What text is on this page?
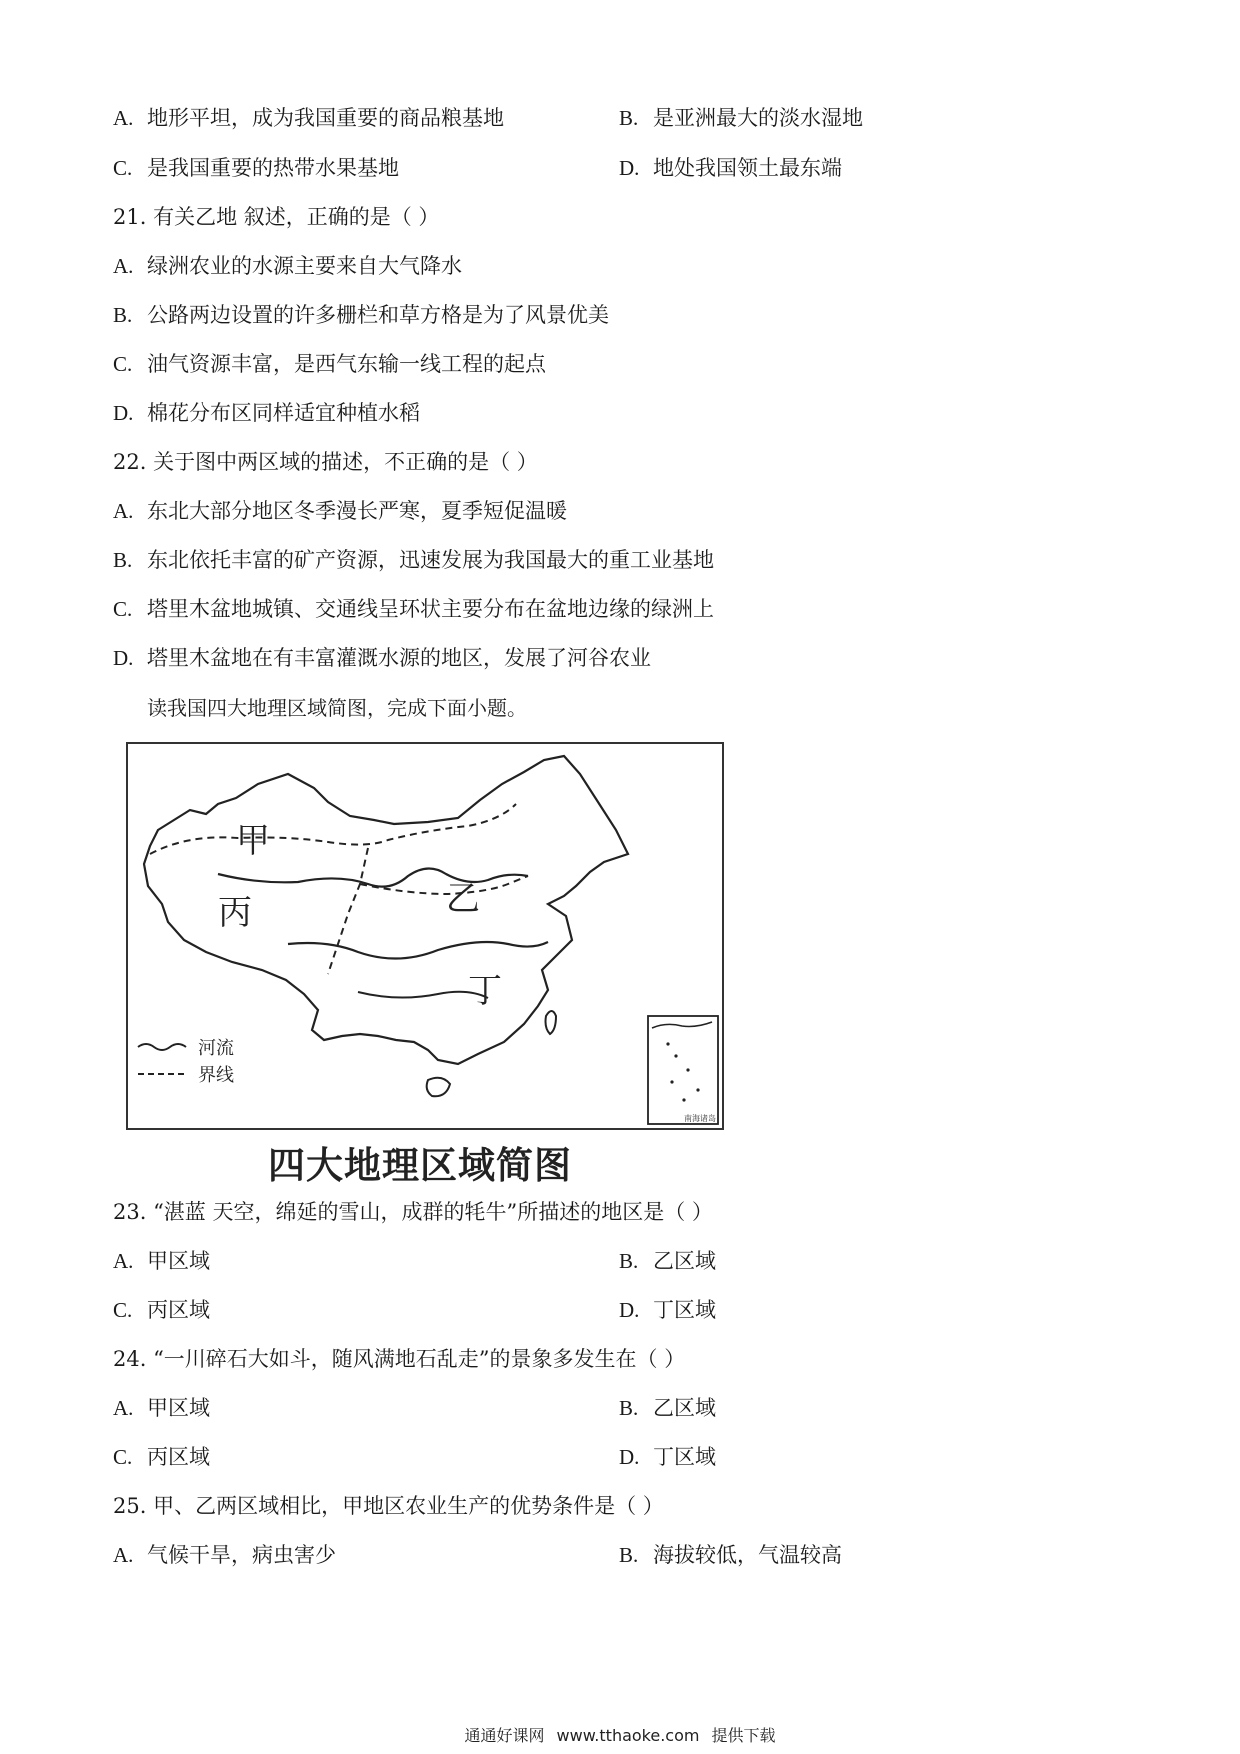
A. 地形平坦，成为我国重要的商品粮基地	B. 是亚洲最大的淡水湿地
C. 是我国重要的热带水果基地	D. 地处我国领土最东端
21. 有关乙地 叙述，正确的是（ ）
A. 绿洲农业的水源主要来自大气降水
B. 公路两边设置的许多栅栏和草方格是为了风景优美
C. 油气资源丰富，是西气东输一线工程的起点
D. 棉花分布区同样适宜种植水稻
22. 关于图中两区域的描述，不正确的是（ ）
A. 东北大部分地区冬季漫长严寒，夏季短促温暖
B. 东北依托丰富的矿产资源，迅速发展为我国最大的重工业基地
C. 塔里木盆地城镇、交通线呈环状主要分布在盆地边缘的绿洲上
D. 塔里木盆地在有丰富灌溉水源的地区，发展了河谷农业
读我国四大地理区域简图，完成下面小题。
甲
乙
丙
丁
河流
界线
南海诸岛
四大地理区域简图
23. “湛蓝 天空，绵延的雪山，成群的牦牛”所描述的地区是（ ）
A. 甲区域	B. 乙区域
C. 丙区域	D. 丁区域
24. “一川碎石大如斗，随风满地石乱走”的景象多发生在（ ）
A. 甲区域	B. 乙区域
C. 丙区域	D. 丁区域
25. 甲、乙两区域相比，甲地区农业生产的优势条件是（ ）
A. 气候干旱，病虫害少	B. 海拔较低，气温较高
通通好课网 www.tthaoke.com 提供下载
